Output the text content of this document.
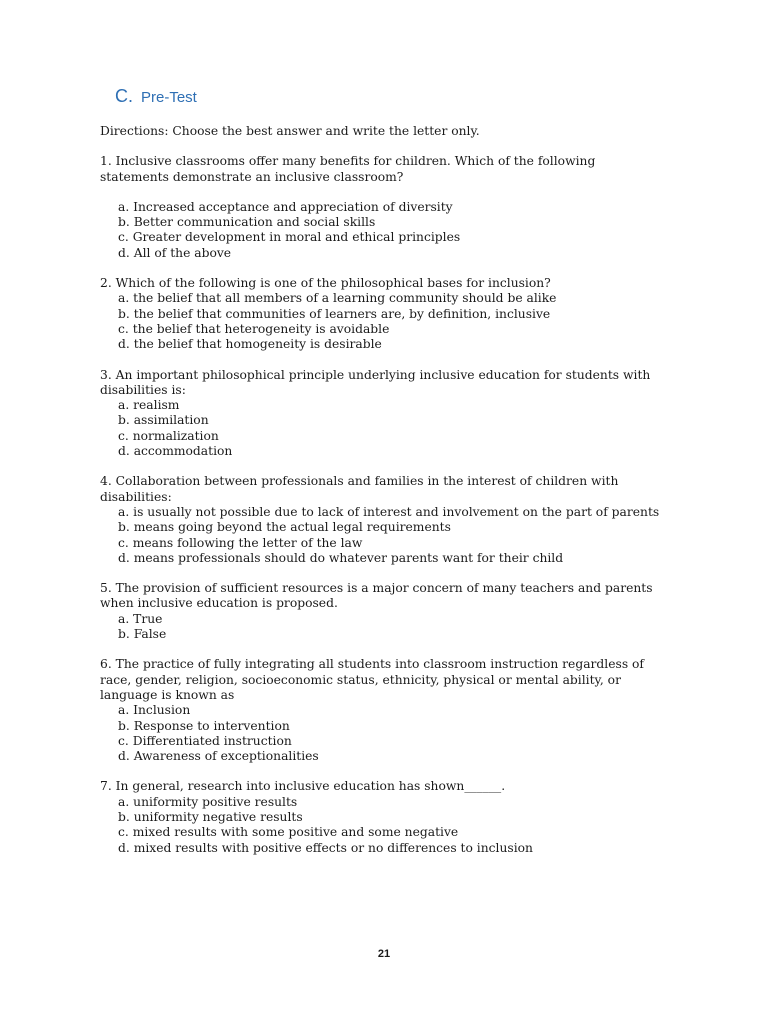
C. Pre-Test

Directions: Choose the best answer and write the letter only.

1. Inclusive classrooms offer many benefits for children. Which of the following statements demonstrate an inclusive classroom?

a. Increased acceptance and appreciation of diversity

b. Better communication and social skills

c. Greater development in moral and ethical principles

d. All of the above

2. Which of the following is one of the philosophical bases for inclusion?

a. the belief that all members of a learning community should be alike

b. the belief that communities of learners are, by definition, inclusive

c. the belief that heterogeneity is avoidable

d. the belief that homogeneity is desirable

3. An important philosophical principle underlying inclusive education for students with disabilities is:

a. realism

b. assimilation

c. normalization

d. accommodation

4. Collaboration between professionals and families in the interest of children with disabilities:

a. is usually not possible due to lack of interest and involvement on the part of parents

b. means going beyond the actual legal requirements

c. means following the letter of the law

d. means professionals should do whatever parents want for their child

5. The provision of sufficient resources is a major concern of many teachers and parents when inclusive education is proposed.

a. True

b. False

6. The practice of fully integrating all students into classroom instruction regardless of race, gender, religion, socioeconomic status, ethnicity, physical or mental ability, or language is known as

a. Inclusion

b. Response to intervention

c. Differentiated instruction

d. Awareness of exceptionalities

7. In general, research into inclusive education has shown______.

a. uniformity positive results

b. uniformity negative results

c. mixed results with some positive and some negative

d. mixed results with positive effects or no differences to inclusion

21
